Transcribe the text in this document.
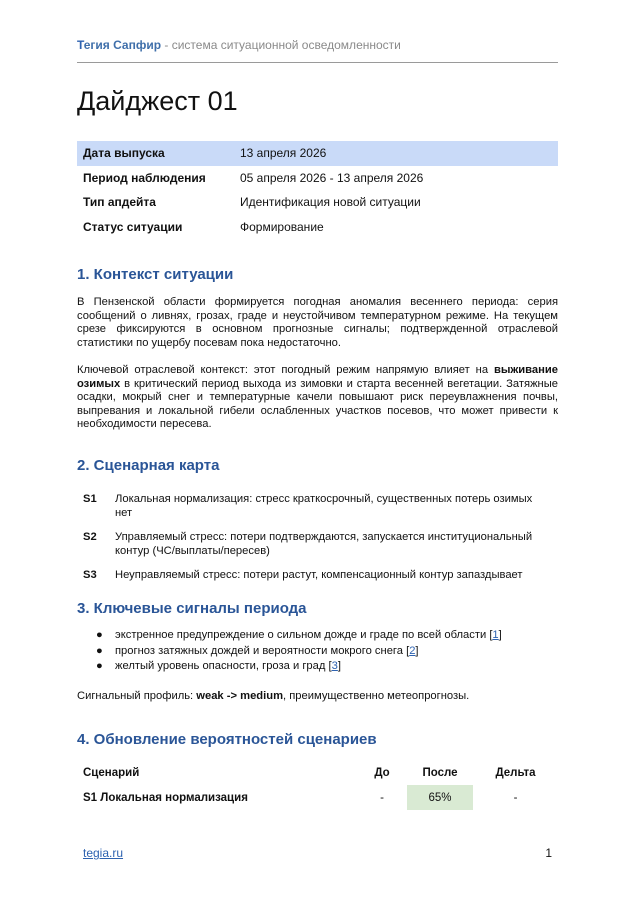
Тегия Сапфир - система ситуационной осведомленности
Дайджест 01
Дата выпуска	13 апреля 2026
Период наблюдения	05 апреля 2026 - 13 апреля 2026
Тип апдейта	Идентификация новой ситуации
Статус ситуации	Формирование
1. Контекст ситуации
В Пензенской области формируется погодная аномалия весеннего периода: серия сообщений о ливнях, грозах, граде и неустойчивом температурном режиме. На текущем срезе фиксируются в основном прогнозные сигналы; подтвержденной отраслевой статистики по ущербу посевам пока недостаточно.
Ключевой отраслевой контекст: этот погодный режим напрямую влияет на выживание озимых в критический период выхода из зимовки и старта весенней вегетации. Затяжные осадки, мокрый снег и температурные качели повышают риск переувлажнения почвы, выпревания и локальной гибели ослабленных участков посевов, что может привести к необходимости пересева.
2. Сценарная карта
S1 Локальная нормализация: стресс краткосрочный, существенных потерь озимых нет
S2 Управляемый стресс: потери подтверждаются, запускается институциональный контур (ЧС/выплаты/пересев)
S3 Неуправляемый стресс: потери растут, компенсационный контур запаздывает
3. Ключевые сигналы периода
● экстренное предупреждение о сильном дожде и граде по всей области [1]
● прогноз затяжных дождей и вероятности мокрого снега [2]
● желтый уровень опасности, гроза и град [3]
Сигнальный профиль: weak -> medium, преимущественно метеопрогнозы.
4. Обновление вероятностей сценариев
Сценарий	До	После	Дельта
S1 Локальная нормализация	-	65%	-
tegia.ru	1
